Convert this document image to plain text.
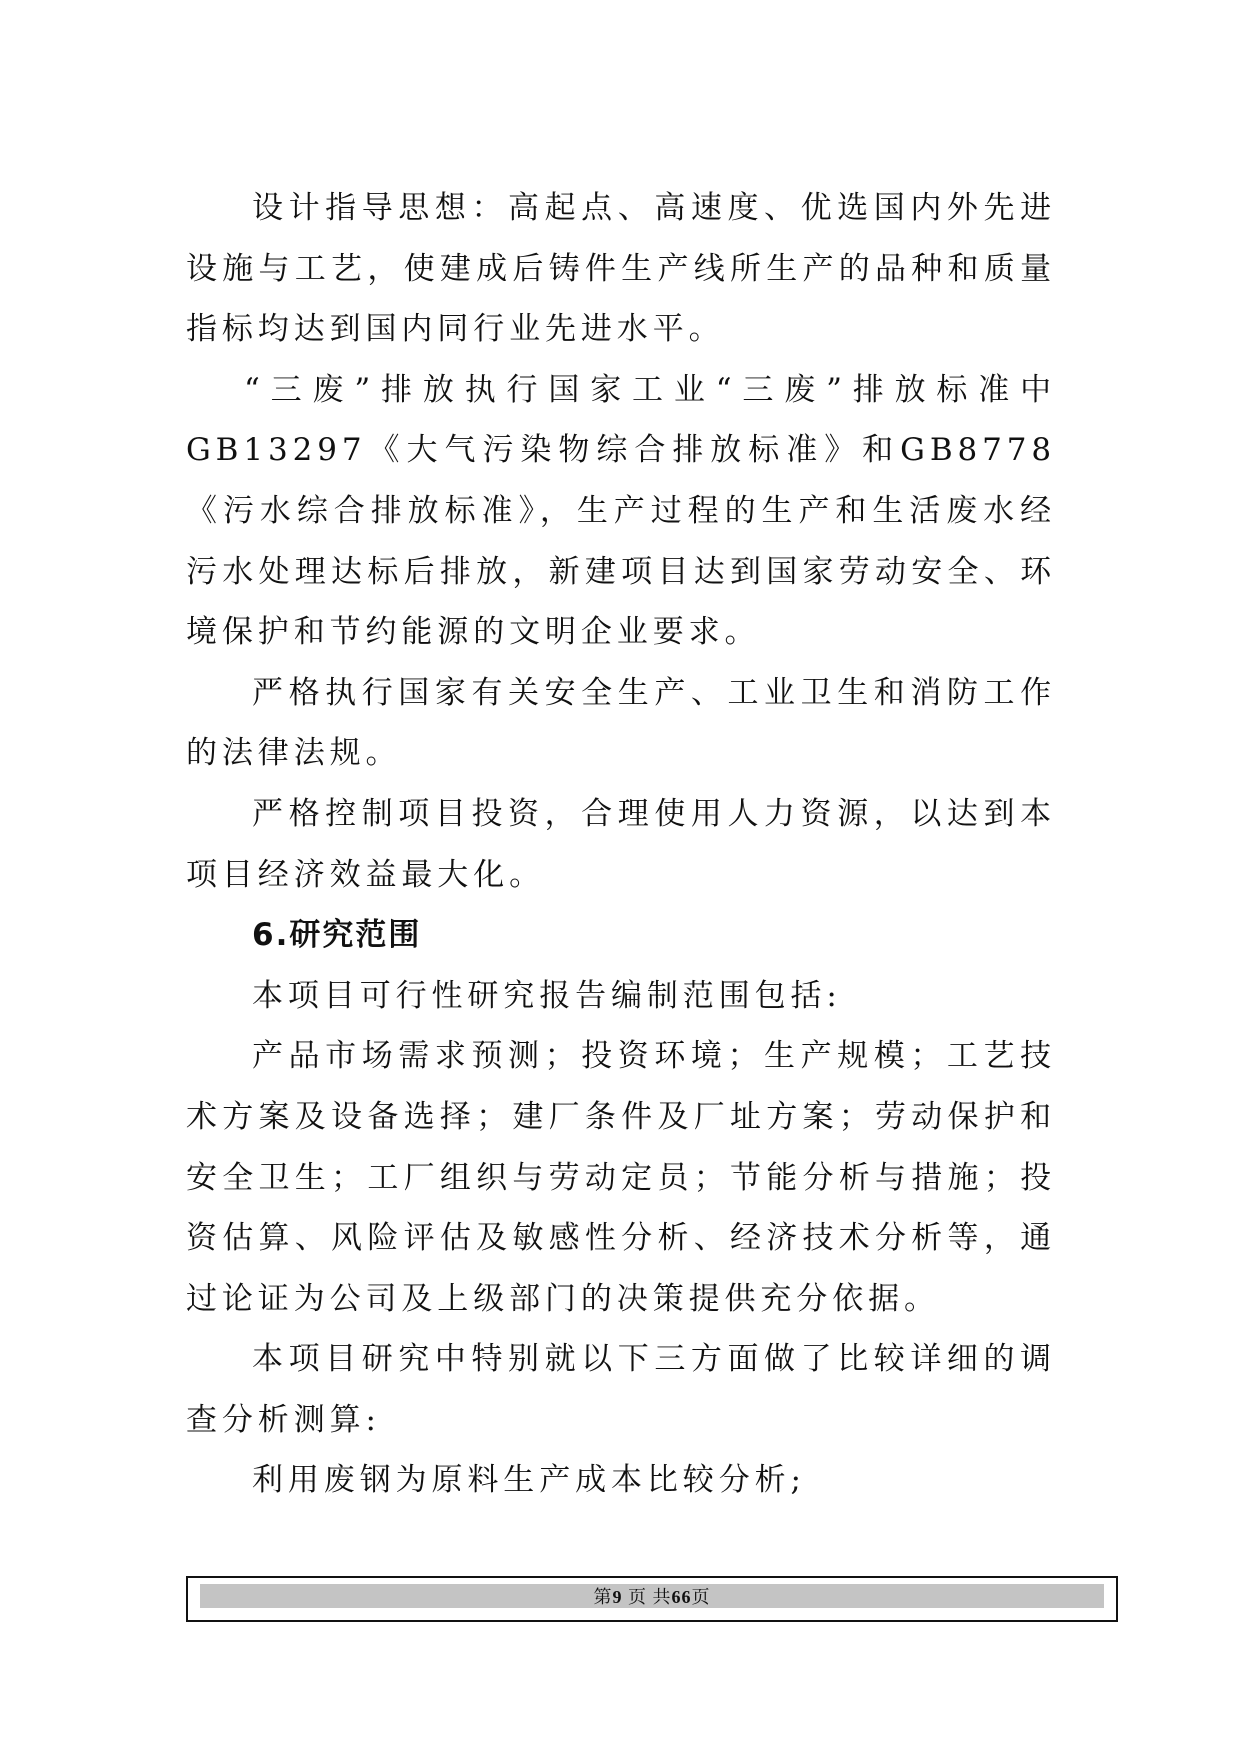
设计指导思想：高起点、高速度、优选国内外先进设施与工艺，使建成后铸件生产线所生产的品种和质量指标均达到国内同行业先进水平。

“三废”排放执行国家工业“三废”排放标准中GB13297《大气污染物综合排放标准》和GB8778《污水综合排放标准》，生产过程的生产和生活废水经污水处理达标后排放，新建项目达到国家劳动安全、环境保护和节约能源的文明企业要求。

严格执行国家有关安全生产、工业卫生和消防工作的法律法规。

严格控制项目投资，合理使用人力资源，以达到本项目经济效益最大化。

6.研究范围

本项目可行性研究报告编制范围包括:

产品市场需求预测；投资环境；生产规模；工艺技术方案及设备选择；建厂条件及厂址方案；劳动保护和安全卫生；工厂组织与劳动定员；节能分析与措施；投资估算、风险评估及敏感性分析、经济技术分析等，通过论证为公司及上级部门的决策提供充分依据。

本项目研究中特别就以下三方面做了比较详细的调查分析测算:

利用废钢为原料生产成本比较分析;

第9 页 共66页
